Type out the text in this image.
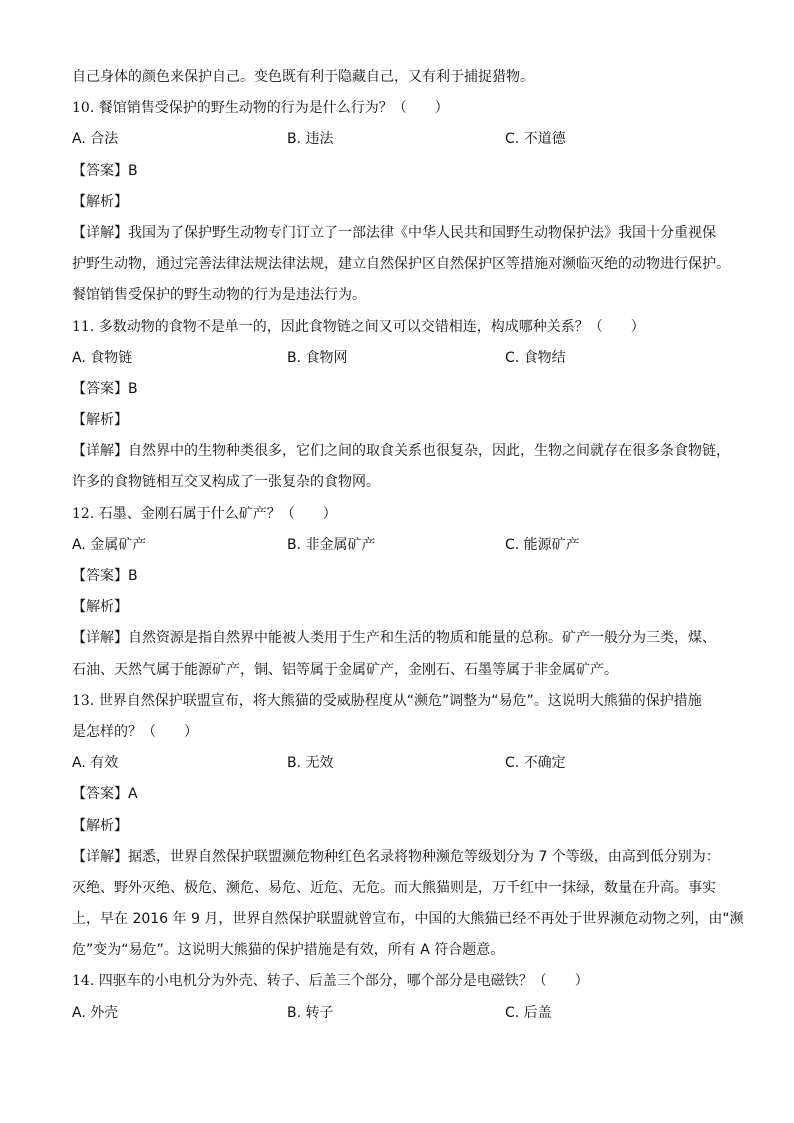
自己身体的颜色来保护自己。变色既有利于隐藏自己，又有利于捕捉猎物。
10. 餐馆销售受保护的野生动物的行为是什么行为？（　　）
A. 合法	B. 违法	C. 不道德
【答案】B
【解析】
【详解】我国为了保护野生动物专门订立了一部法律《中华人民共和国野生动物保护法》我国十分重视保
护野生动物，通过完善法律法规法律法规，建立自然保护区自然保护区等措施对濒临灭绝的动物进行保护。
餐馆销售受保护的野生动物的行为是违法行为。
11. 多数动物的食物不是单一的，因此食物链之间又可以交错相连，构成哪种关系？（　　）
A. 食物链	B. 食物网	C. 食物结
【答案】B
【解析】
【详解】自然界中的生物种类很多，它们之间的取食关系也很复杂，因此，生物之间就存在很多条食物链，
许多的食物链相互交叉构成了一张复杂的食物网。
12. 石墨、金刚石属于什么矿产？（　　）
A. 金属矿产	B. 非金属矿产	C. 能源矿产
【答案】B
【解析】
【详解】自然资源是指自然界中能被人类用于生产和生活的物质和能量的总称。矿产一般分为三类，煤、
石油、天然气属于能源矿产，铜、铝等属于金属矿产，金刚石、石墨等属于非金属矿产。
13. 世界自然保护联盟宣布，将大熊猫的受威胁程度从“濒危”调整为“易危”。这说明大熊猫的保护措施
是怎样的？（　　）
A. 有效	B. 无效	C. 不确定
【答案】A
【解析】
【详解】据悉，世界自然保护联盟濒危物种红色名录将物种濒危等级划分为 7 个等级，由高到低分别为：
灭绝、野外灭绝、极危、濒危、易危、近危、无危。而大熊猫则是，万千红中一抹绿，数量在升高。事实
上，早在 2016 年 9 月，世界自然保护联盟就曾宣布，中国的大熊猫已经不再处于世界濒危动物之列，由“濒
危”变为“易危”。这说明大熊猫的保护措施是有效，所有 A 符合题意。
14. 四驱车的小电机分为外壳、转子、后盖三个部分，哪个部分是电磁铁？（　　）
A. 外壳	B. 转子	C. 后盖
